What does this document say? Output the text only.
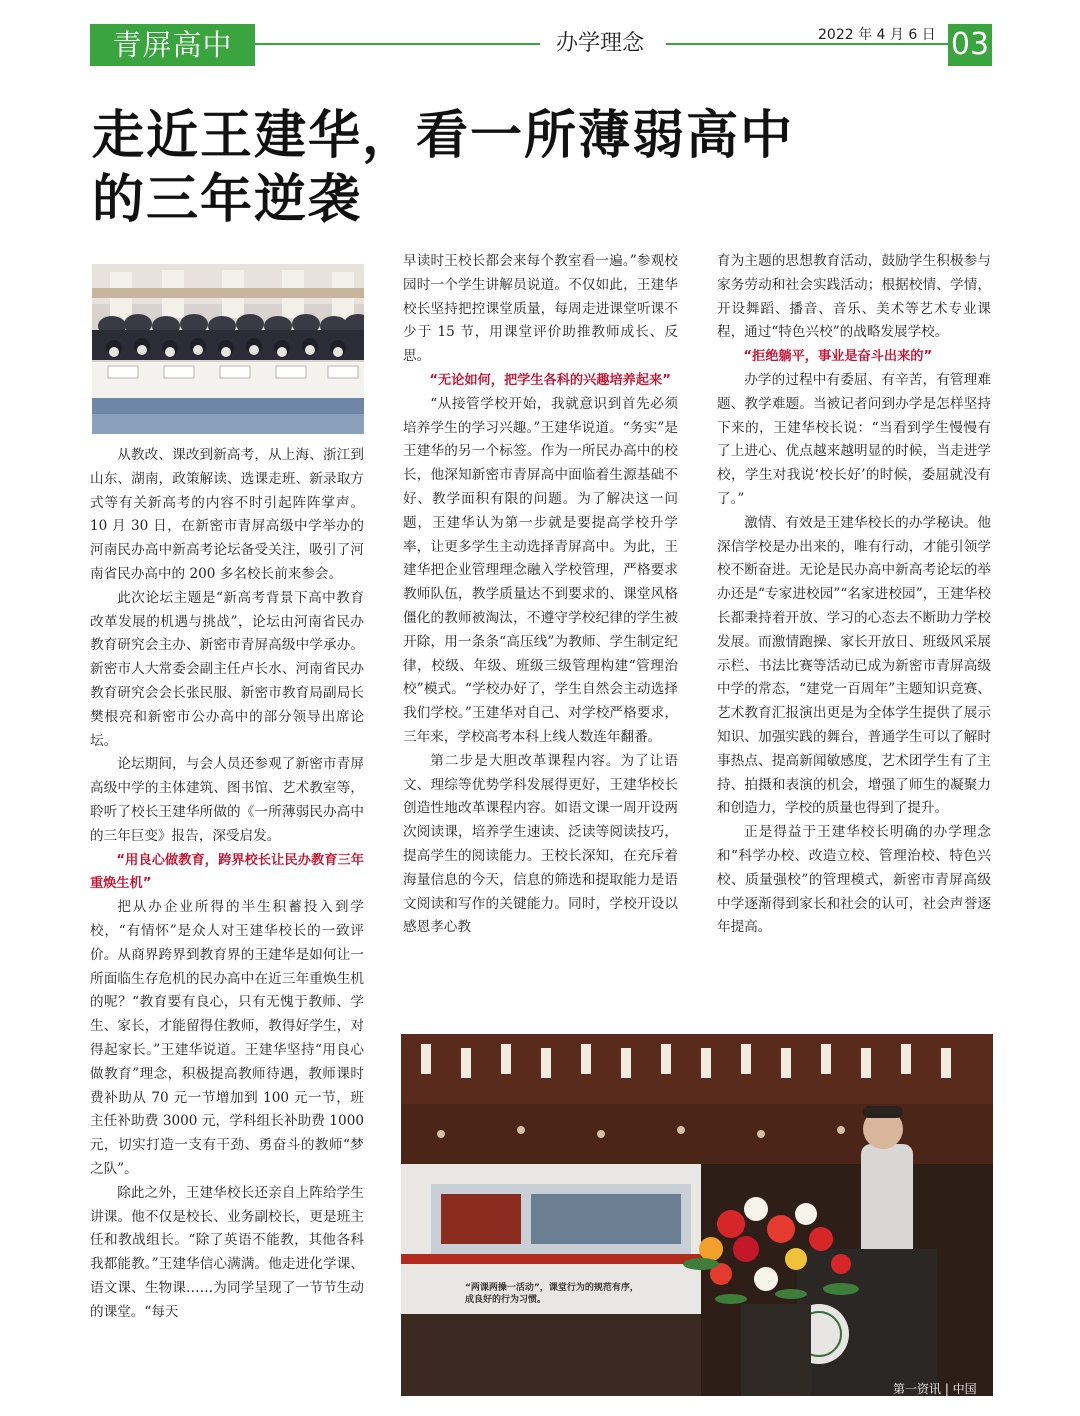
青屏高中	办学理念	2022 年 4 月 6 日 03
走近王建华，看一所薄弱高中
的三年逆袭

从教改、课改到新高考，从上海、浙江到山东、湖南，政策解读、选课走班、新录取方式等有关新高考的内容不时引起阵阵掌声。10 月 30 日，在新密市青屏高级中学举办的河南民办高中新高考论坛备受关注，吸引了河南省民办高中的 200 多名校长前来参会。

此次论坛主题是“新高考背景下高中教育改革发展的机遇与挑战”，论坛由河南省民办教育研究会主办、新密市青屏高级中学承办。新密市人大常委会副主任卢长水、河南省民办教育研究会会长张民服、新密市教育局副局长樊根亮和新密市公办高中的部分领导出席论坛。

论坛期间，与会人员还参观了新密市青屏高级中学的主体建筑、图书馆、艺术教室等，聆听了校长王建华所做的《一所薄弱民办高中的三年巨变》报告，深受启发。

“用良心做教育，跨界校长让民办教育三年重焕生机”

把从办企业所得的半生积蓄投入到学校，“有情怀”是众人对王建华校长的一致评价。从商界跨界到教育界的王建华是如何让一所面临生存危机的民办高中在近三年重焕生机的呢？“教育要有良心，只有无愧于教师、学生、家长，才能留得住教师，教得好学生，对得起家长。”王建华说道。王建华坚持“用良心做教育”理念，积极提高教师待遇，教师课时费补助从 70 元一节增加到 100 元一节，班主任补助费 3000 元，学科组长补助费 1000 元，切实打造一支有干劲、勇奋斗的教师“梦之队”。

除此之外，王建华校长还亲自上阵给学生讲课。他不仅是校长、业务副校长，更是班主任和教战组长。“除了英语不能教，其他各科我都能教。”王建华信心满满。他走进化学课、语文课、生物课……为同学呈现了一节节生动的课堂。“每天

早读时王校长都会来每个教室看一遍。”参观校园时一个学生讲解员说道。不仅如此，王建华校长坚持把控课堂质量，每周走进课堂听课不少于 15 节，用课堂评价助推教师成长、反思。

“无论如何，把学生各科的兴趣培养起来”

“从接管学校开始，我就意识到首先必须培养学生的学习兴趣。”王建华说道。“务实”是王建华的另一个标签。作为一所民办高中的校长，他深知新密市青屏高中面临着生源基础不好、教学面积有限的问题。为了解决这一问题，王建华认为第一步就是要提高学校升学率，让更多学生主动选择青屏高中。为此，王建华把企业管理理念融入学校管理，严格要求教师队伍，教学质量达不到要求的、课堂风格僵化的教师被淘汰，不遵守学校纪律的学生被开除，用一条条“高压线”为教师、学生制定纪律，校级、年级、班级三级管理构建“管理治校”模式。“学校办好了，学生自然会主动选择我们学校。”王建华对自己、对学校严格要求，三年来，学校高考本科上线人数连年翻番。

第二步是大胆改革课程内容。为了让语文、理综等优势学科发展得更好，王建华校长创造性地改革课程内容。如语文课一周开设两次阅读课，培养学生速读、泛读等阅读技巧，提高学生的阅读能力。王校长深知，在充斥着海量信息的今天，信息的筛选和提取能力是语文阅读和写作的关键能力。同时，学校开设以感恩孝心教

育为主题的思想教育活动，鼓励学生积极参与家务劳动和社会实践活动；根据校情、学情，开设舞蹈、播音、音乐、美术等艺术专业课程，通过“特色兴校”的战略发展学校。

“拒绝躺平，事业是奋斗出来的”

办学的过程中有委屈、有辛苦，有管理难题、教学难题。当被记者问到办学是怎样坚持下来的，王建华校长说：“当看到学生慢慢有了上进心、优点越来越明显的时候，当走进学校，学生对我说‘校长好’的时候，委屈就没有了。”

激情、有效是王建华校长的办学秘诀。他深信学校是办出来的，唯有行动，才能引领学校不断奋进。无论是民办高中新高考论坛的举办还是“专家进校园”“名家进校园”，王建华校长都秉持着开放、学习的心态去不断助力学校发展。而激情跑操、家长开放日、班级风采展示栏、书法比赛等活动已成为新密市青屏高级中学的常态，“建党一百周年”主题知识竞赛、艺术教育汇报演出更是为全体学生提供了展示知识、加强实践的舞台，普通学生可以了解时事热点、提高新闻敏感度，艺术团学生有了主持、拍摄和表演的机会，增强了师生的凝聚力和创造力，学校的质量也得到了提升。

正是得益于王建华校长明确的办学理念和“科学办校、改造立校、管理治校、特色兴校、质量强校”的管理模式，新密市青屏高级中学逐渐得到家长和社会的认可，社会声誉逐年提高。

“两课两操一活动”，课堂行为的规范有序，
成良好的行为习惯。
第一资讯 | 中国
